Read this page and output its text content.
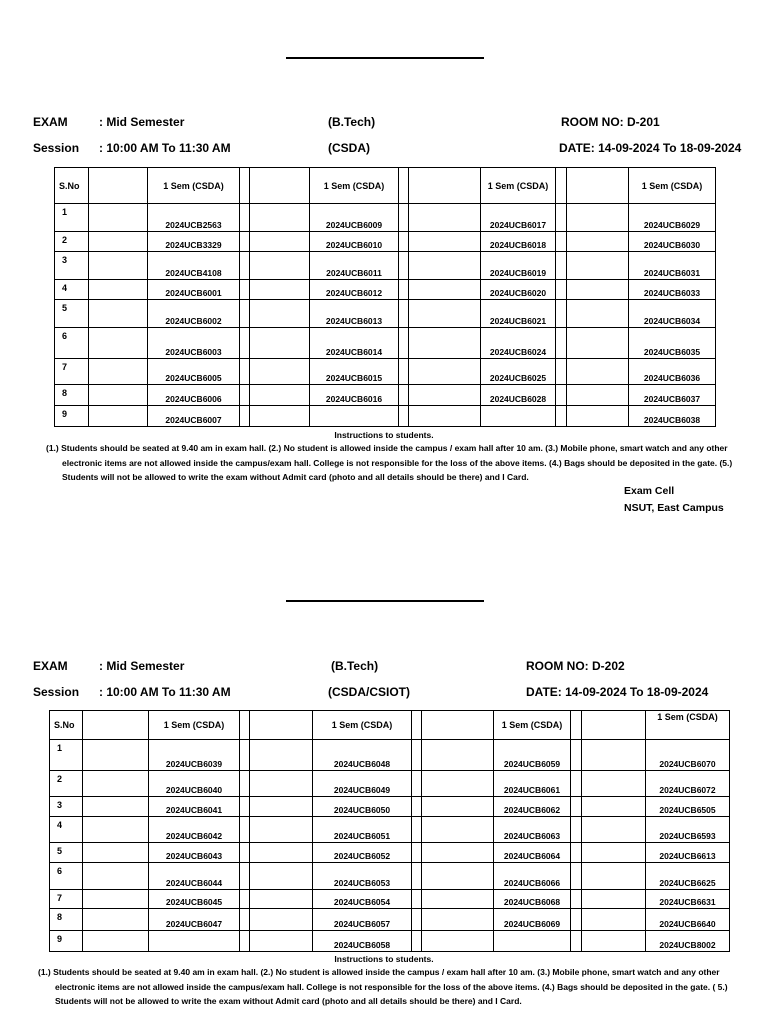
EXAM	: Mid Semester	(B.Tech)	ROOM NO: D-201
Session : 10:00 AM To 11:30 AM	(CSDA)	DATE: 14-09-2024 To 18-09-2024
S.No		1 Sem (CSDA)			1 Sem (CSDA)			1 Sem (CSDA)			1 Sem (CSDA)
1		2024UCB2563			2024UCB6009			2024UCB6017			2024UCB6029

2		2024UCB3329			2024UCB6010			2024UCB6018			2024UCB6030

3		2024UCB4108			2024UCB6011			2024UCB6019			2024UCB6031

4		2024UCB6001			2024UCB6012			2024UCB6020			2024UCB6033

5		2024UCB6002			2024UCB6013			2024UCB6021			2024UCB6034

6		2024UCB6003			2024UCB6014			2024UCB6024			2024UCB6035

7		2024UCB6005			2024UCB6015			2024UCB6025			2024UCB6036

8		2024UCB6006			2024UCB6016			2024UCB6028			2024UCB6037

9		2024UCB6007									2024UCB6038
Instructions to students.
(1.) Students should be seated at 9.40 am in exam hall. (2.) No student is allowed inside the campus / exam hall after 10 am. (3.) Mobile phone, smart watch and any other electronic items are not allowed inside the campus/exam hall. College is not responsible for the loss of the above items. (4.) Bags should be deposited in the gate. (5.) Students will not be allowed to write the exam without Admit card (photo and all details should be there) and I Card.
Exam Cell
NSUT, East Campus
EXAM	: Mid Semester	(B.Tech)	ROOM NO: D-202
Session : 10:00 AM To 11:30 AM	(CSDA/CSIOT)	DATE: 14-09-2024 To 18-09-2024
S.No		1 Sem (CSDA)			1 Sem (CSDA)			1 Sem (CSDA)			1 Sem (CSDA)
1		2024UCB6039			2024UCB6048			2024UCB6059			2024UCB6070

2		2024UCB6040			2024UCB6049			2024UCB6061			2024UCB6072

3		2024UCB6041			2024UCB6050			2024UCB6062			2024UCB6505

4		2024UCB6042			2024UCB6051			2024UCB6063			2024UCB6593

5		2024UCB6043			2024UCB6052			2024UCB6064			2024UCB6613

6		2024UCB6044			2024UCB6053			2024UCB6066			2024UCB6625

7		2024UCB6045			2024UCB6054			2024UCB6068			2024UCB6631

8		2024UCB6047			2024UCB6057			2024UCB6069			2024UCB6640

9					2024UCB6058						2024UCB8002
Instructions to students.
(1.) Students should be seated at 9.40 am in exam hall. (2.) No student is allowed inside the campus / exam hall after 10 am. (3.) Mobile phone, smart watch and any other electronic items are not allowed inside the campus/exam hall. College is not responsible for the loss of the above items. (4.) Bags should be deposited in the gate. ( 5.) Students will not be allowed to write the exam without Admit card (photo and all details should be there) and I Card.
